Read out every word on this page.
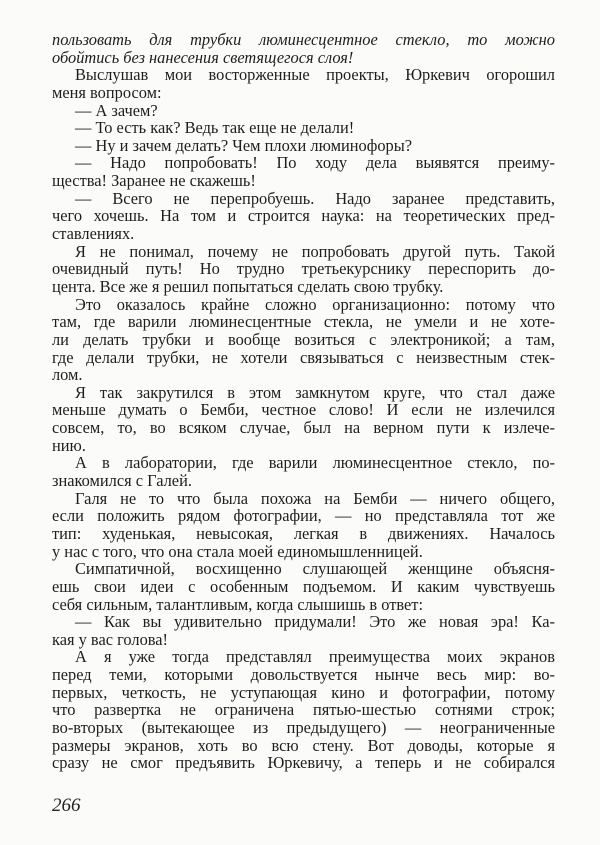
пользовать для трубки люминесцентное стекло, то можно
обойтись без нанесения светящегося слоя!
Выслушав мои восторженные проекты, Юркевич огорошил
меня вопросом:
— А зачем?
— То есть как? Ведь так еще не делали!
— Ну и зачем делать? Чем плохи люминофоры?
— Надо попробовать! По ходу дела выявятся преиму-
щества! Заранее не скажешь!
— Всего не перепробуешь. Надо заранее представить,
чего хочешь. На том и строится наука: на теоретических пред-
ставлениях.
Я не понимал, почему не попробовать другой путь. Такой
очевидный путь! Но трудно третьекурснику переспорить до-
цента. Все же я решил попытаться сделать свою трубку.
Это оказалось крайне сложно организационно: потому что
там, где варили люминесцентные стекла, не умели и не хоте-
ли делать трубки и вообще возиться с электроникой; а там,
где делали трубки, не хотели связываться с неизвестным стек-
лом.
Я так закрутился в этом замкнутом круге, что стал даже
меньше думать о Бемби, честное слово! И если не излечился
совсем, то, во всяком случае, был на верном пути к излече-
нию.
А в лаборатории, где варили люминесцентное стекло, по-
знакомился с Галей.
Галя не то что была похожа на Бемби — ничего общего,
если положить рядом фотографии, — но представляла тот же
тип: худенькая, невысокая, легкая в движениях. Началось
у нас с того, что она стала моей единомышленницей.
Симпатичной, восхищенно слушающей женщине объясня-
ешь свои идеи с особенным подъемом. И каким чувствуешь
себя сильным, талантливым, когда слышишь в ответ:
— Как вы удивительно придумали! Это же новая эра! Ка-
кая у вас голова!
А я уже тогда представлял преимущества моих экранов
перед теми, которыми довольствуется нынче весь мир: во-
первых, четкость, не уступающая кино и фотографии, потому
что развертка не ограничена пятью-шестью сотнями строк;
во-вторых (вытекающее из предыдущего) — неограниченные
размеры экранов, хоть во всю стену. Вот доводы, которые я
сразу не смог предъявить Юркевичу, а теперь и не собирался
266
